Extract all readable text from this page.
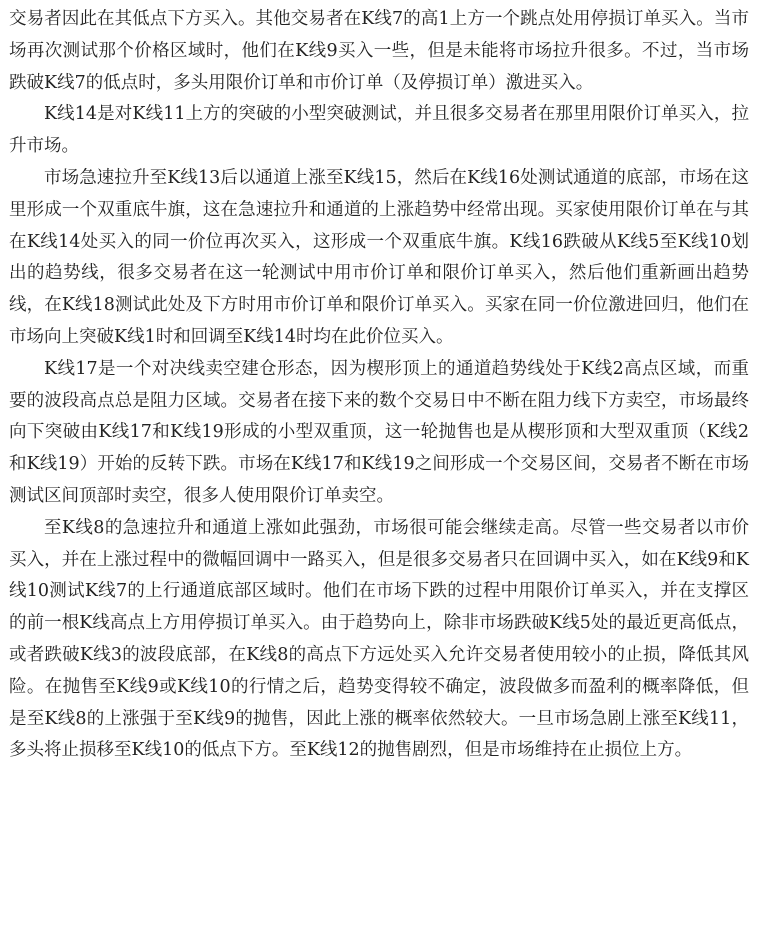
交易者因此在其低点下方买入。其他交易者在K线7的高1上方一个跳点处用停损订单买入。当市场再次测试那个价格区域时，他们在K线9买入一些，但是未能将市场拉升很多。不过，当市场跌破K线7的低点时，多头用限价订单和市价订单（及停损订单）激进买入。

K线14是对K线11上方的突破的小型突破测试，并且很多交易者在那里用限价订单买入，拉升市场。

市场急速拉升至K线13后以通道上涨至K线15，然后在K线16处测试通道的底部，市场在这里形成一个双重底牛旗，这在急速拉升和通道的上涨趋势中经常出现。买家使用限价订单在与其在K线14处买入的同一价位再次买入，这形成一个双重底牛旗。K线16跌破从K线5至K线10划出的趋势线，很多交易者在这一轮测试中用市价订单和限价订单买入，然后他们重新画出趋势线，在K线18测试此处及下方时用市价订单和限价订单买入。买家在同一价位激进回归，他们在市场向上突破K线1时和回调至K线14时均在此价位买入。

K线17是一个对决线卖空建仓形态，因为楔形顶上的通道趋势线处于K线2高点区域，而重要的波段高点总是阻力区域。交易者在接下来的数个交易日中不断在阻力线下方卖空，市场最终向下突破由K线17和K线19形成的小型双重顶，这一轮抛售也是从楔形顶和大型双重顶（K线2和K线19）开始的反转下跌。市场在K线17和K线19之间形成一个交易区间，交易者不断在市场测试区间顶部时卖空，很多人使用限价订单卖空。

至K线8的急速拉升和通道上涨如此强劲，市场很可能会继续走高。尽管一些交易者以市价买入，并在上涨过程中的微幅回调中一路买入，但是很多交易者只在回调中买入，如在K线9和K线10测试K线7的上行通道底部区域时。他们在市场下跌的过程中用限价订单买入，并在支撑区的前一根K线高点上方用停损订单买入。由于趋势向上，除非市场跌破K线5处的最近更高低点，或者跌破K线3的波段底部，在K线8的高点下方远处买入允许交易者使用较小的止损，降低其风险。在抛售至K线9或K线10的行情之后，趋势变得较不确定，波段做多而盈利的概率降低，但是至K线8的上涨强于至K线9的抛售，因此上涨的概率依然较大。一旦市场急剧上涨至K线11，多头将止损移至K线10的低点下方。至K线12的抛售剧烈，但是市场维持在止损位上方。
